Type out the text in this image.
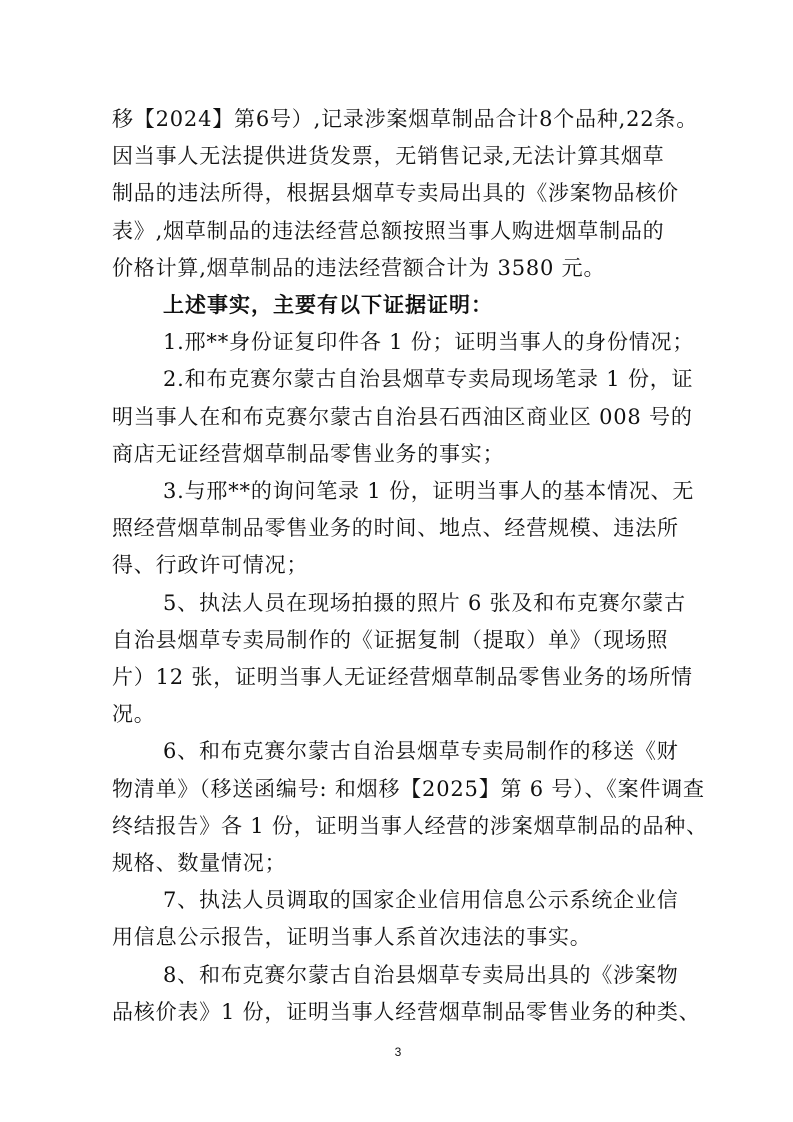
3
移【2024】第6号）,记录涉案烟草制品合计8个品种,22条。
因当事人无法提供进货发票，无销售记录,无法计算其烟草
制品的违法所得，根据县烟草专卖局出具的《涉案物品核价
表》,烟草制品的违法经营总额按照当事人购进烟草制品的
价格计算,烟草制品的违法经营额合计为 3580 元。
上述事实，主要有以下证据证明：
1.邢**身份证复印件各 1 份；证明当事人的身份情况；
2.和布克赛尔蒙古自治县烟草专卖局现场笔录 1 份，证
明当事人在和布克赛尔蒙古自治县石西油区商业区 008 号的
商店无证经营烟草制品零售业务的事实；
3.与邢**的询问笔录 1 份，证明当事人的基本情况、无
照经营烟草制品零售业务的时间、地点、经营规模、违法所
得、行政许可情况；
5、执法人员在现场拍摄的照片 6 张及和布克赛尔蒙古
自治县烟草专卖局制作的《证据复制（提取）单》（现场照
片）12 张，证明当事人无证经营烟草制品零售业务的场所情
况。
6、和布克赛尔蒙古自治县烟草专卖局制作的移送《财
物清单》（移送函编号: 和烟移【2025】第 6 号）、《案件调查
终结报告》各 1 份，证明当事人经营的涉案烟草制品的品种、
规格、数量情况；
7、执法人员调取的国家企业信用信息公示系统企业信
用信息公示报告，证明当事人系首次违法的事实。
8、和布克赛尔蒙古自治县烟草专卖局出具的《涉案物
品核价表》1 份，证明当事人经营烟草制品零售业务的种类、
